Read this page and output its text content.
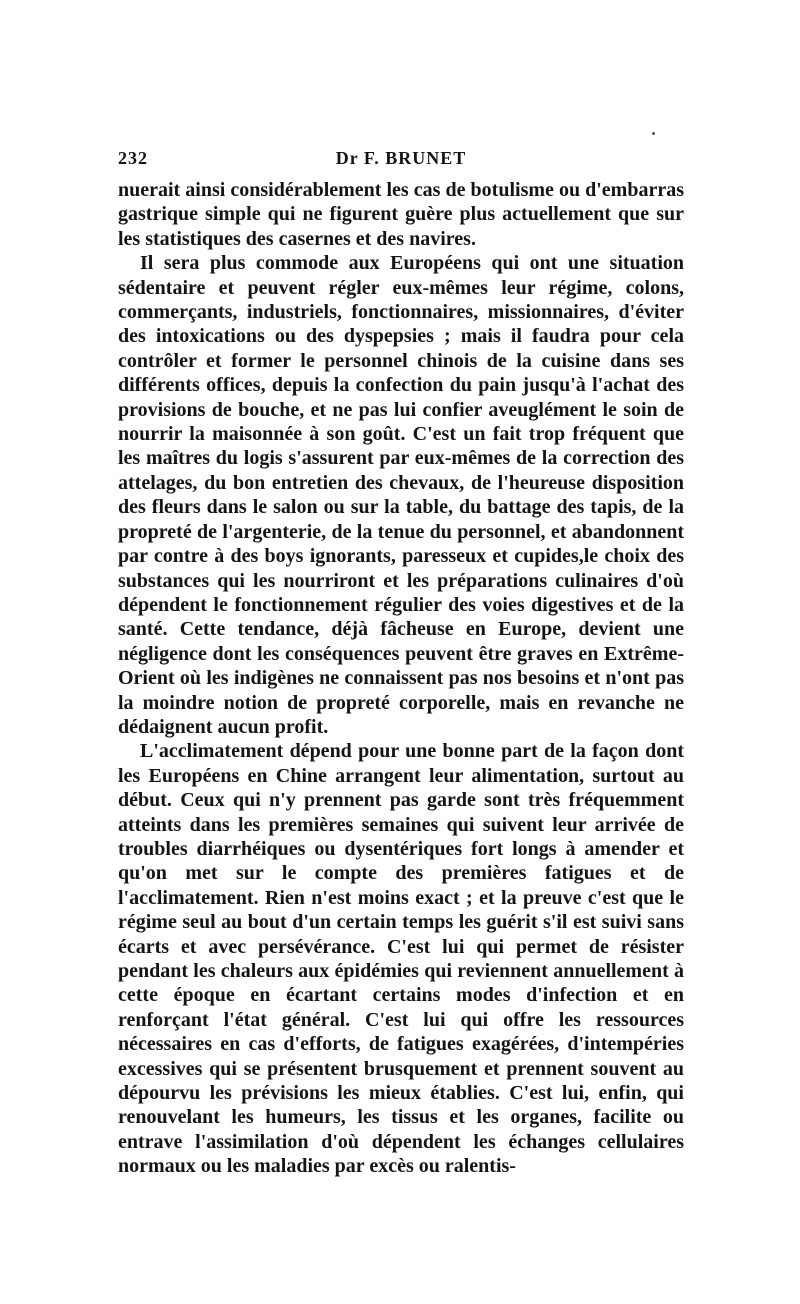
232	Dr F. BRUNET

nuerait ainsi considérablement les cas de botulisme ou d'embarras gastrique simple qui ne figurent guère plus actuellement que sur les statistiques des casernes et des navires.

Il sera plus commode aux Européens qui ont une situation sédentaire et peuvent régler eux-mêmes leur régime, colons, commerçants, industriels, fonctionnaires, missionnaires, d'éviter des intoxications ou des dyspepsies ; mais il faudra pour cela contrôler et former le personnel chinois de la cuisine dans ses différents offices, depuis la confection du pain jusqu'à l'achat des provisions de bouche, et ne pas lui confier aveuglément le soin de nourrir la maisonnée à son goût. C'est un fait trop fréquent que les maîtres du logis s'assurent par eux-mêmes de la correction des attelages, du bon entretien des chevaux, de l'heureuse disposition des fleurs dans le salon ou sur la table, du battage des tapis, de la propreté de l'argenterie, de la tenue du personnel, et abandonnent par contre à des boys ignorants, paresseux et cupides,le choix des substances qui les nourriront et les préparations culinaires d'où dépendent le fonctionnement régulier des voies digestives et de la santé. Cette tendance, déjà fâcheuse en Europe, devient une négligence dont les conséquences peuvent être graves en Extrême-Orient où les indigènes ne connaissent pas nos besoins et n'ont pas la moindre notion de propreté corporelle, mais en revanche ne dédaignent aucun profit.

L'acclimatement dépend pour une bonne part de la façon dont les Européens en Chine arrangent leur alimentation, surtout au début. Ceux qui n'y prennent pas garde sont très fréquemment atteints dans les premières semaines qui suivent leur arrivée de troubles diarrhéiques ou dysentériques fort longs à amender et qu'on met sur le compte des premières fatigues et de l'acclimatement. Rien n'est moins exact ; et la preuve c'est que le régime seul au bout d'un certain temps les guérit s'il est suivi sans écarts et avec persévérance. C'est lui qui permet de résister pendant les chaleurs aux épidémies qui reviennent annuellement à cette époque en écartant certains modes d'infection et en renforçant l'état général. C'est lui qui offre les ressources nécessaires en cas d'efforts, de fatigues exagérées, d'intempéries excessives qui se présentent brusquement et prennent souvent au dépourvu les prévisions les mieux établies. C'est lui, enfin, qui renouvelant les humeurs, les tissus et les organes, facilite ou entrave l'assimilation d'où dépendent les échanges cellulaires normaux ou les maladies par excès ou ralentis-
